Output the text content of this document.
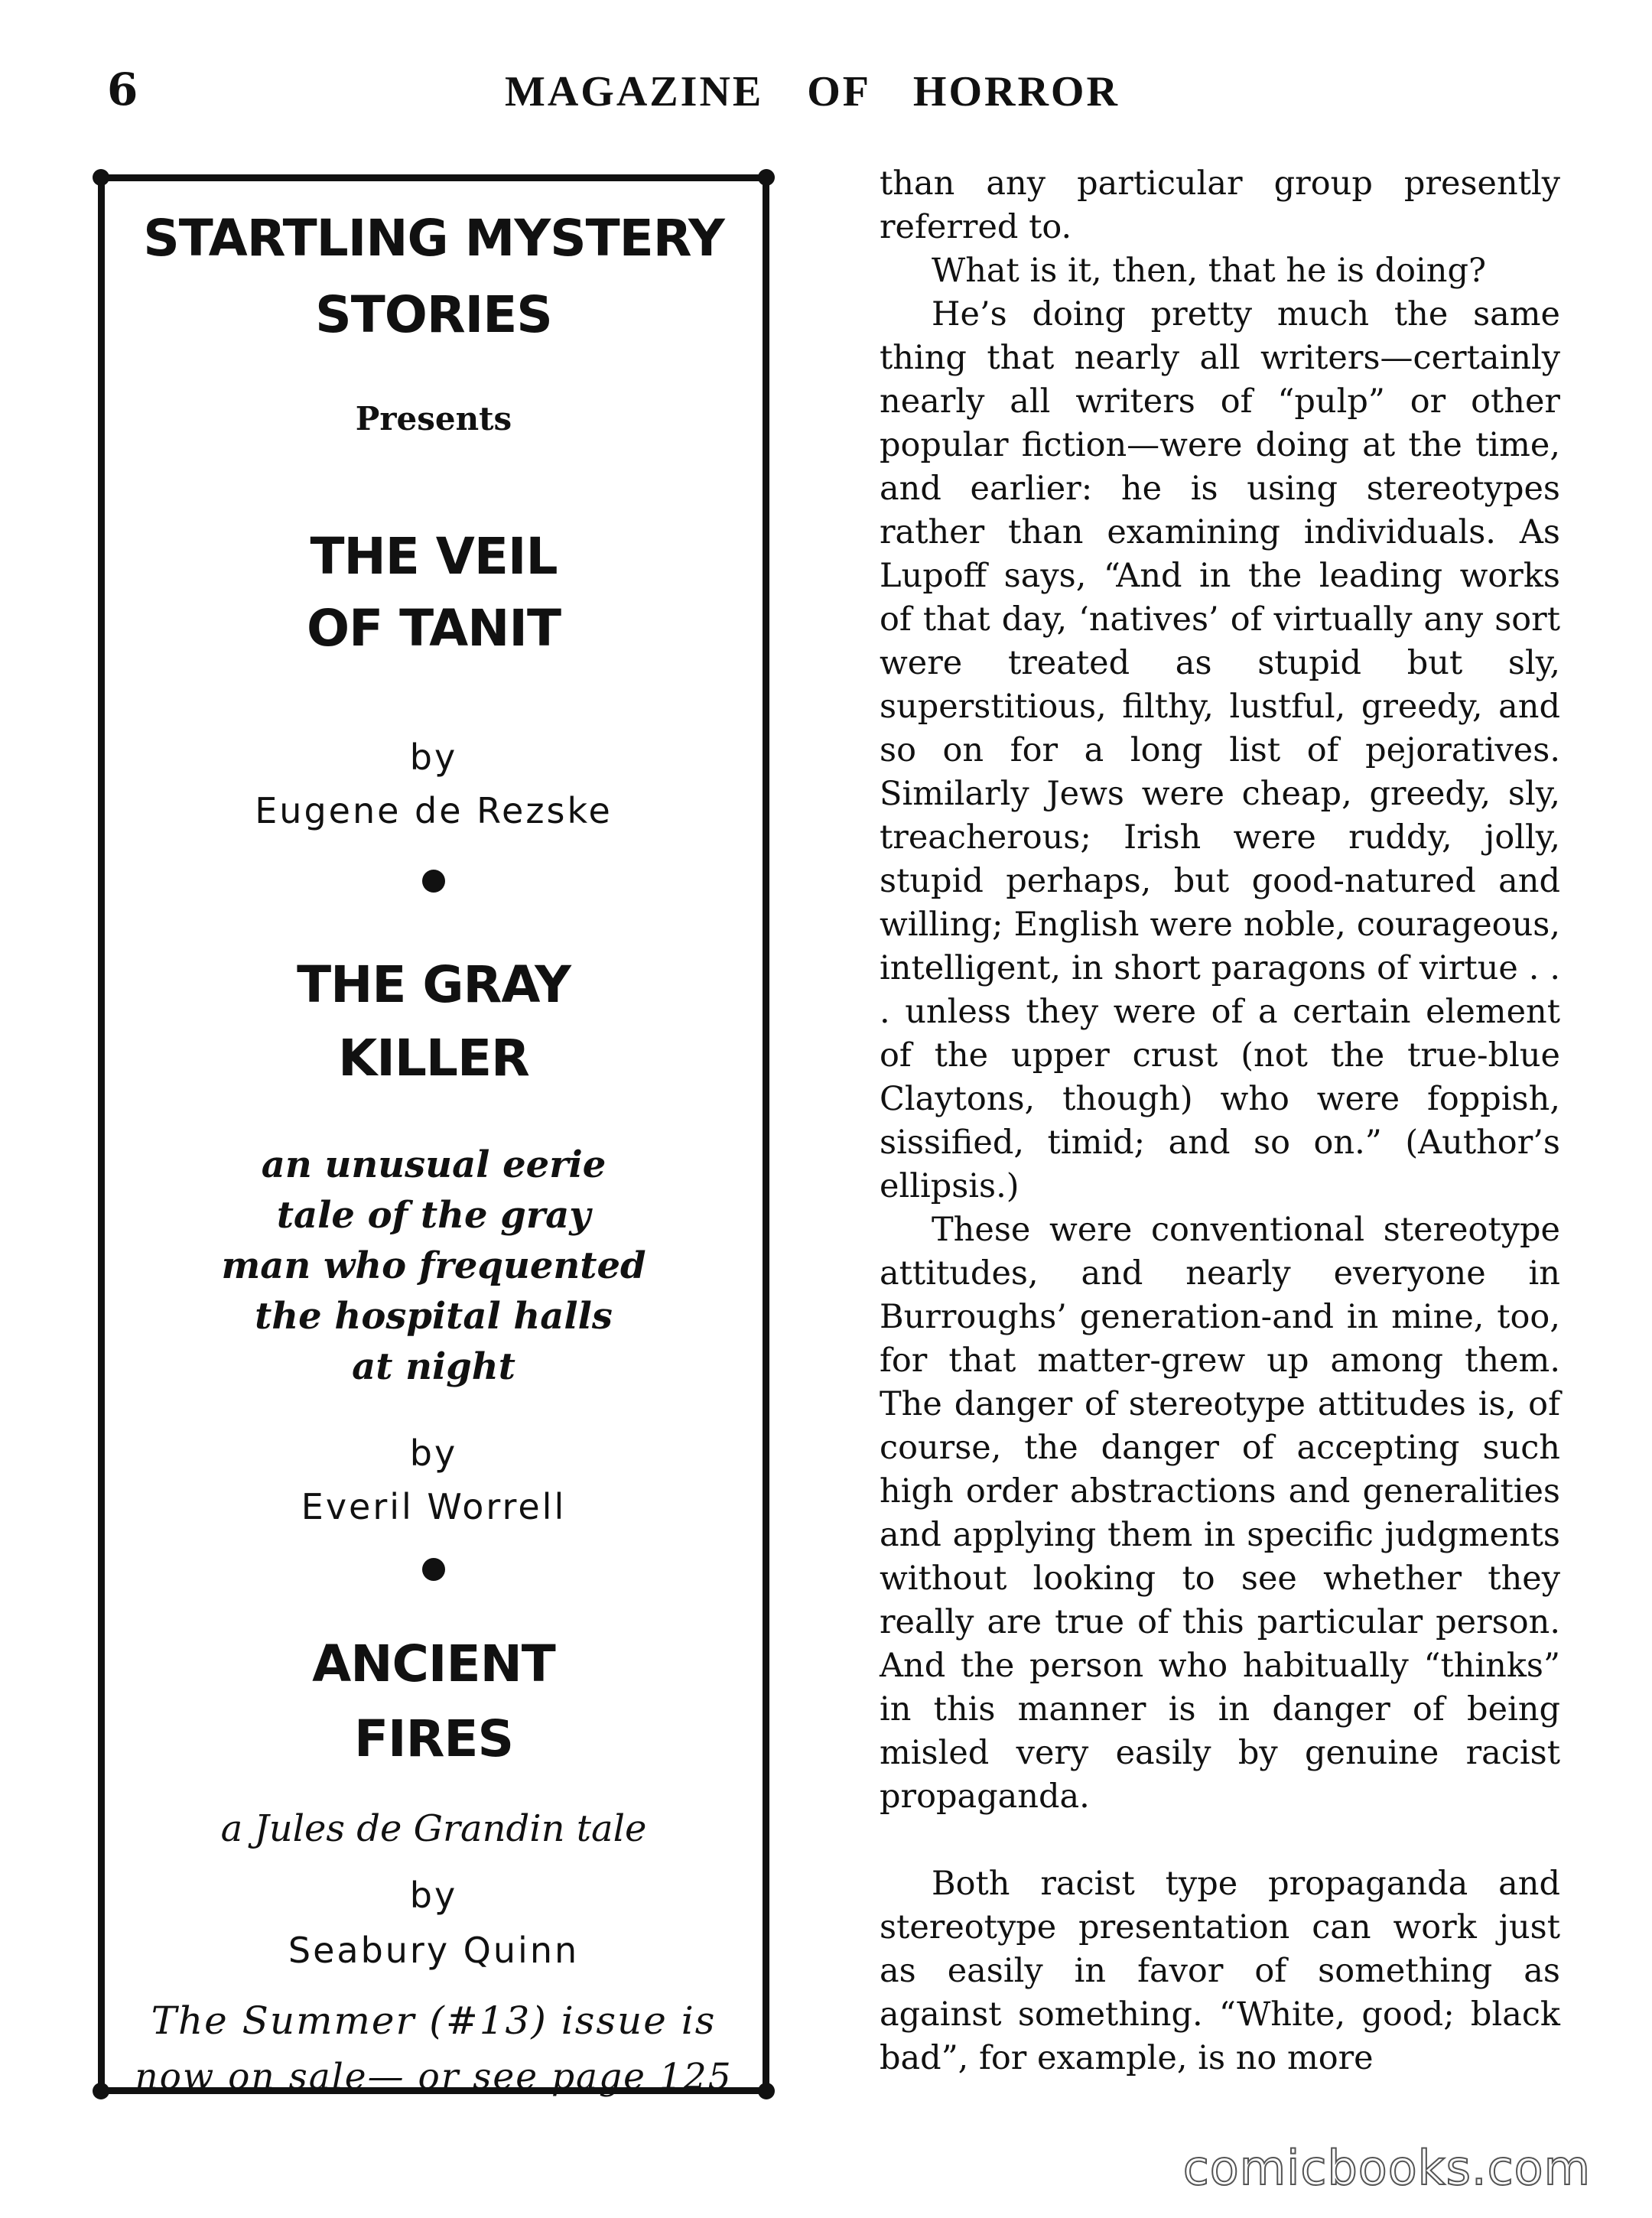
6	MAGAZINE OF HORROR
STARTLING MYSTERY
STORIES
Presents
THE VEIL
OF TANIT
by
Eugene de Rezske
THE GRAY
KILLER
an unusual eerie
tale of the gray
man who frequented
the hospital halls
at night
by
Everil Worrell
ANCIENT
FIRES
a Jules de Grandin tale
by
Seabury Quinn
The Summer (#13) issue is
now on sale— or see page 125

than any particular group presently referred to.

What is it, then, that he is doing?

He’s doing pretty much the same thing that nearly all writers—certainly nearly all writers of “pulp” or other popular fiction—were doing at the time, and earlier: he is using stereotypes rather than examining individuals. As Lupoff says, “And in the leading works of that day, ‘natives’ of virtually any sort were treated as stupid but sly, superstitious, filthy, lustful, greedy, and so on for a long list of pejoratives. Similarly Jews were cheap, greedy, sly, treacherous; Irish were ruddy, jolly, stupid perhaps, but good-natured and willing; English were noble, courageous, intelligent, in short paragons of virtue . . . unless they were of a certain element of the upper crust (not the true-blue Claytons, though) who were foppish, sissified, timid; and so on.” (Author’s ellipsis.)

These were conventional stereotype attitudes, and nearly everyone in Burroughs’ generation-and in mine, too, for that matter-grew up among them. The danger of stereotype attitudes is, of course, the danger of accepting such high order abstractions and generalities and applying them in specific judgments without looking to see whether they really are true of this particular person. And the person who habitually “thinks” in this manner is in danger of being misled very easily by genuine racist propaganda.

Both racist type propaganda and stereotype presentation can work just as easily in favor of something as against something. “White, good; black bad”, for example, is no more

comicbooks.com
